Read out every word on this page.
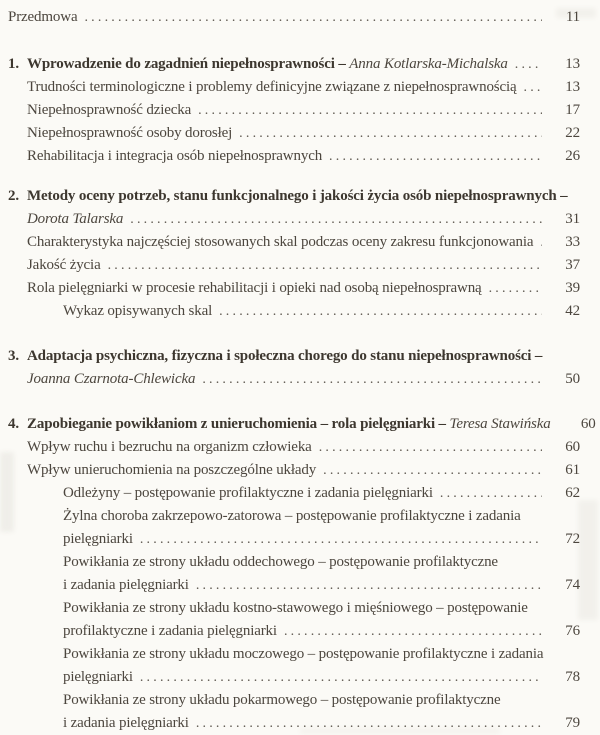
Przedmowa .....	11
1. Wprowadzenie do zagadnień niepełnosprawności – Anna Kotlarska-Michalska .....	13
Trudności terminologiczne i problemy definicyjne związane z niepełnosprawnością .....	13
Niepełnosprawność dziecka .....	17
Niepełnosprawność osoby dorosłej .....	22
Rehabilitacja i integracja osób niepełnosprawnych .....	26
2. Metody oceny potrzeb, stanu funkcjonalnego i jakości życia osób niepełnosprawnych –
Dorota Talarska .....	31
Charakterystyka najczęściej stosowanych skal podczas oceny zakresu funkcjonowania .....	33
Jakość życia .....	37
Rola pielęgniarki w procesie rehabilitacji i opieki nad osobą niepełnosprawną .....	39
Wykaz opisywanych skal .....	42
3. Adaptacja psychiczna, fizyczna i społeczna chorego do stanu niepełnosprawności –
Joanna Czarnota-Chlewicka .....	50
4. Zapobieganie powikłaniom z unieruchomienia – rola pielęgniarki – Teresa Stawińska	60
Wpływ ruchu i bezruchu na organizm człowieka .....	60
Wpływ unieruchomienia na poszczególne układy .....	61
Odleżyny – postępowanie profilaktyczne i zadania pielęgniarki .....	62
Żylna choroba zakrzepowo-zatorowa – postępowanie profilaktyczne i zadania
pielęgniarki .....	72
Powikłania ze strony układu oddechowego – postępowanie profilaktyczne
i zadania pielęgniarki .....	74
Powikłania ze strony układu kostno-stawowego i mięśniowego – postępowanie
profilaktyczne i zadania pielęgniarki .....	76
Powikłania ze strony układu moczowego – postępowanie profilaktyczne i zadania
pielęgniarki .....	78
Powikłania ze strony układu pokarmowego – postępowanie profilaktyczne
i zadania pielęgniarki .....	79
